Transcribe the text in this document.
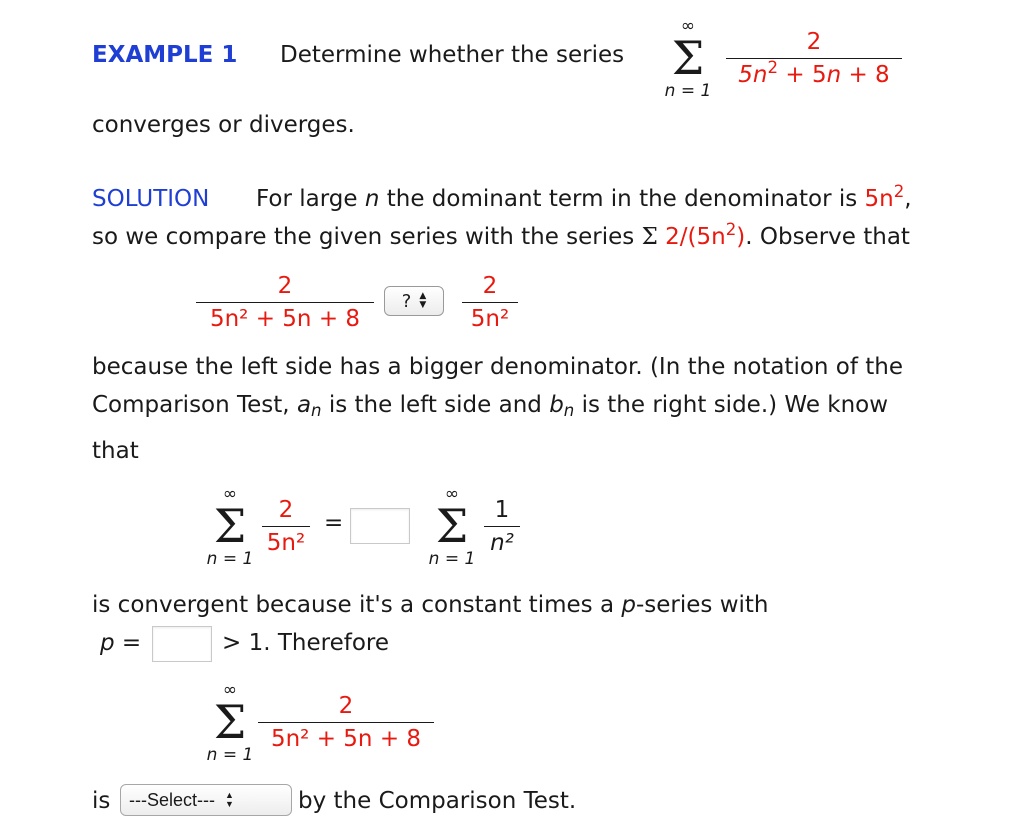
EXAMPLE 1 Determine whether the series
∞
Σ
n = 1
2
$5n^2 + 5n + 8$
converges or diverges.
SOLUTION For large n the dominant term in the denominator is $5n^2$,
so we compare the given series with the series Σ $2/(5n^2)$. Observe that
2
5n² + 5n + 8
? ▲
▼
2
5n²
because the left side has a bigger denominator. (In the notation of the
Comparison Test, $a_n$ is the left side and $b_n$ is the right side.) We know
that
∞
Σ
n = 1
2
5n²
=
∞
Σ
n = 1
1
n²
is convergent because it's a constant times a p-series with
p =	> 1. Therefore
∞
Σ
n = 1
2
5n² + 5n + 8
is ---Select--- ▲
▼	by the Comparison Test.
